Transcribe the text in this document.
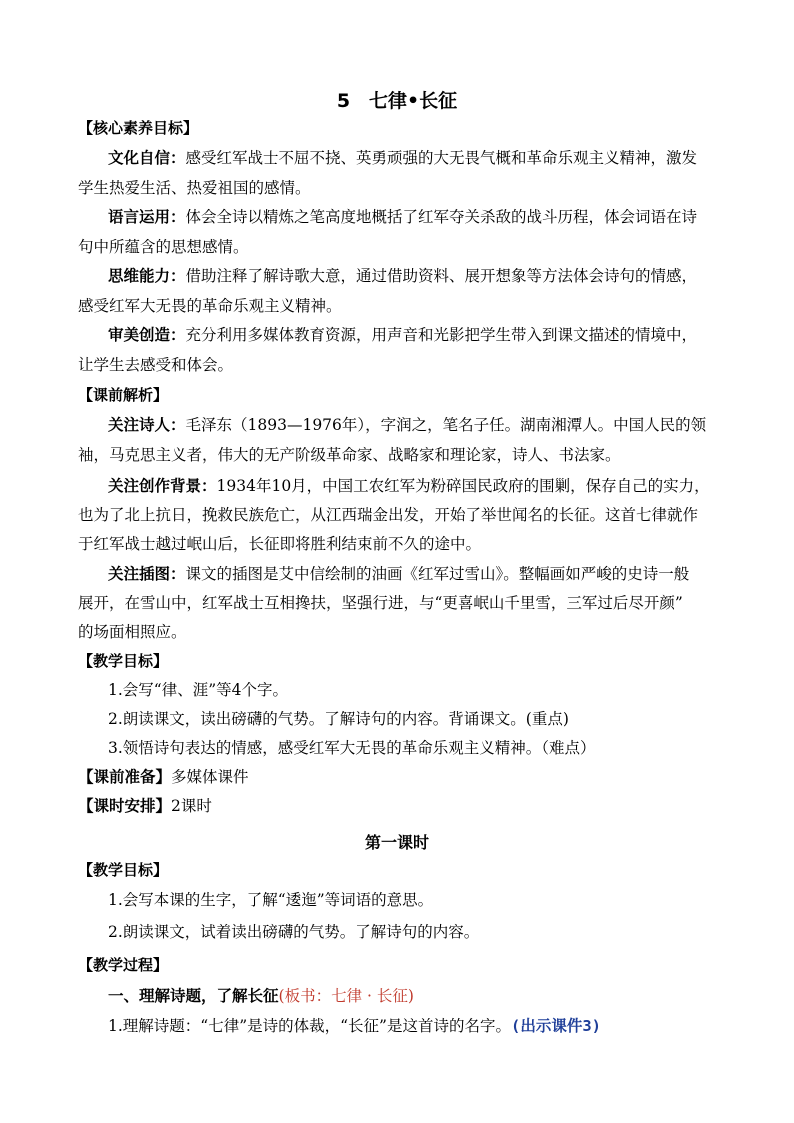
5　七律•长征
【核心素养目标】
文化自信：感受红军战士不屈不挠、英勇顽强的大无畏气概和革命乐观主义精神，激发
学生热爱生活、热爱祖国的感情。
语言运用：体会全诗以精炼之笔高度地概括了红军夺关杀敌的战斗历程，体会词语在诗
句中所蕴含的思想感情。
思维能力：借助注释了解诗歌大意，通过借助资料、展开想象等方法体会诗句的情感，
感受红军大无畏的革命乐观主义精神。
审美创造：充分利用多媒体教育资源，用声音和光影把学生带入到课文描述的情境中，
让学生去感受和体会。
【课前解析】
关注诗人：毛泽东（1893—1976年），字润之，笔名子任。湖南湘潭人。中国人民的领
袖，马克思主义者，伟大的无产阶级革命家、战略家和理论家，诗人、书法家。
关注创作背景：1934年10月，中国工农红军为粉碎国民政府的围剿，保存自己的实力，
也为了北上抗日，挽救民族危亡，从江西瑞金出发，开始了举世闻名的长征。这首七律就作
于红军战士越过岷山后，长征即将胜利结束前不久的途中。
关注插图：课文的插图是艾中信绘制的油画《红军过雪山》。整幅画如严峻的史诗一般
展开，在雪山中，红军战士互相搀扶，坚强行进，与“更喜岷山千里雪，三军过后尽开颜”
的场面相照应。
【教学目标】
1.会写“律、涯”等4个字。
2.朗读课文，读出磅礴的气势。了解诗句的内容。背诵课文。(重点)
3.领悟诗句表达的情感，感受红军大无畏的革命乐观主义精神。（难点）
【课前准备】多媒体课件
【课时安排】2课时
第一课时
【教学目标】
1.会写本课的生字，了解“逶迤”等词语的意思。
2.朗读课文，试着读出磅礴的气势。了解诗句的内容。
【教学过程】
一、理解诗题，了解长征(板书：七律 · 长征)
1.理解诗题：“七律”是诗的体裁，“长征”是这首诗的名字。(出示课件3)
